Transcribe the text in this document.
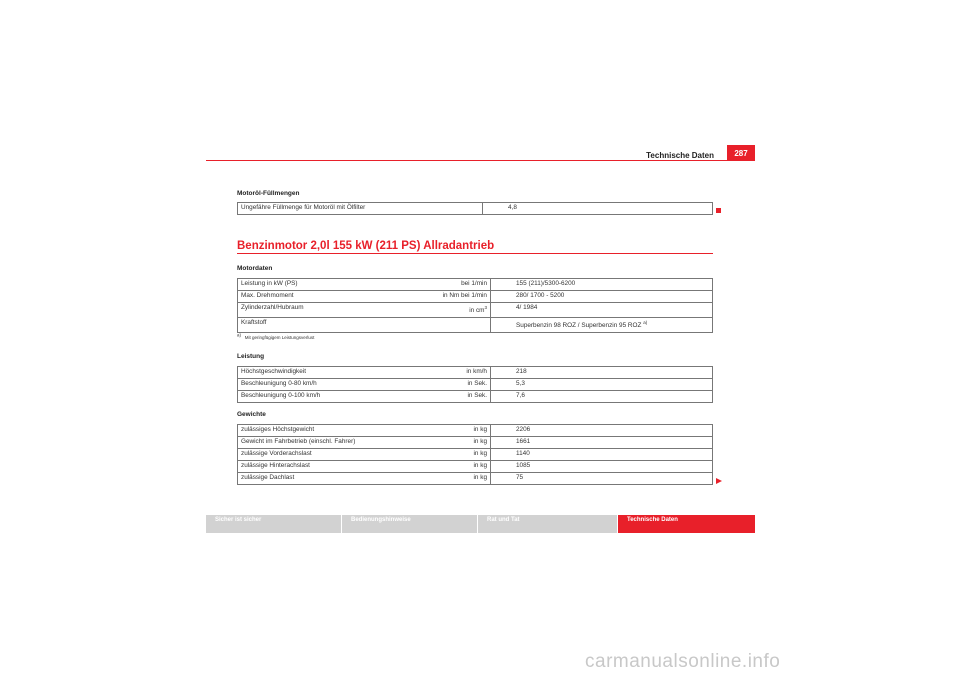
Technische Daten	287
Motoröl-Füllmengen
Ungefähre Füllmenge für Motoröl mit Ölfilter	4,8
Benzinmotor 2,0l 155 kW (211 PS) Allradantrieb
Motordaten
Leistung in kW (PS)	bei 1/min	155 (211)/5300-6200
Max. Drehmoment	in Nm bei 1/min	280/ 1700 - 5200
Zylinderzahl/Hubraum	in $cm^3$	4/ 1984
Kraftstoff		Superbenzin 98 ROZ / Superbenzin 95 ROZ $^{a)}$
a) Mit geringfügigem Leistungsverlust
Leistung
Höchstgeschwindigkeit	in km/h	218
Beschleunigung 0-80 km/h	in Sek.	5,3
Beschleunigung 0-100 km/h	in Sek.	7,6
Gewichte
zulässiges Höchstgewicht	in kg	2206
Gewicht im Fahrbetrieb (einschl. Fahrer)	in kg	1661
zulässige Vorderachslast	in kg	1140
zulässige Hinterachslast	in kg	1085
zulässige Dachlast	in kg	75
Sicher ist sicher	Bedienungshinweise	Rat und Tat	Technische Daten
carmanualsonline.info
